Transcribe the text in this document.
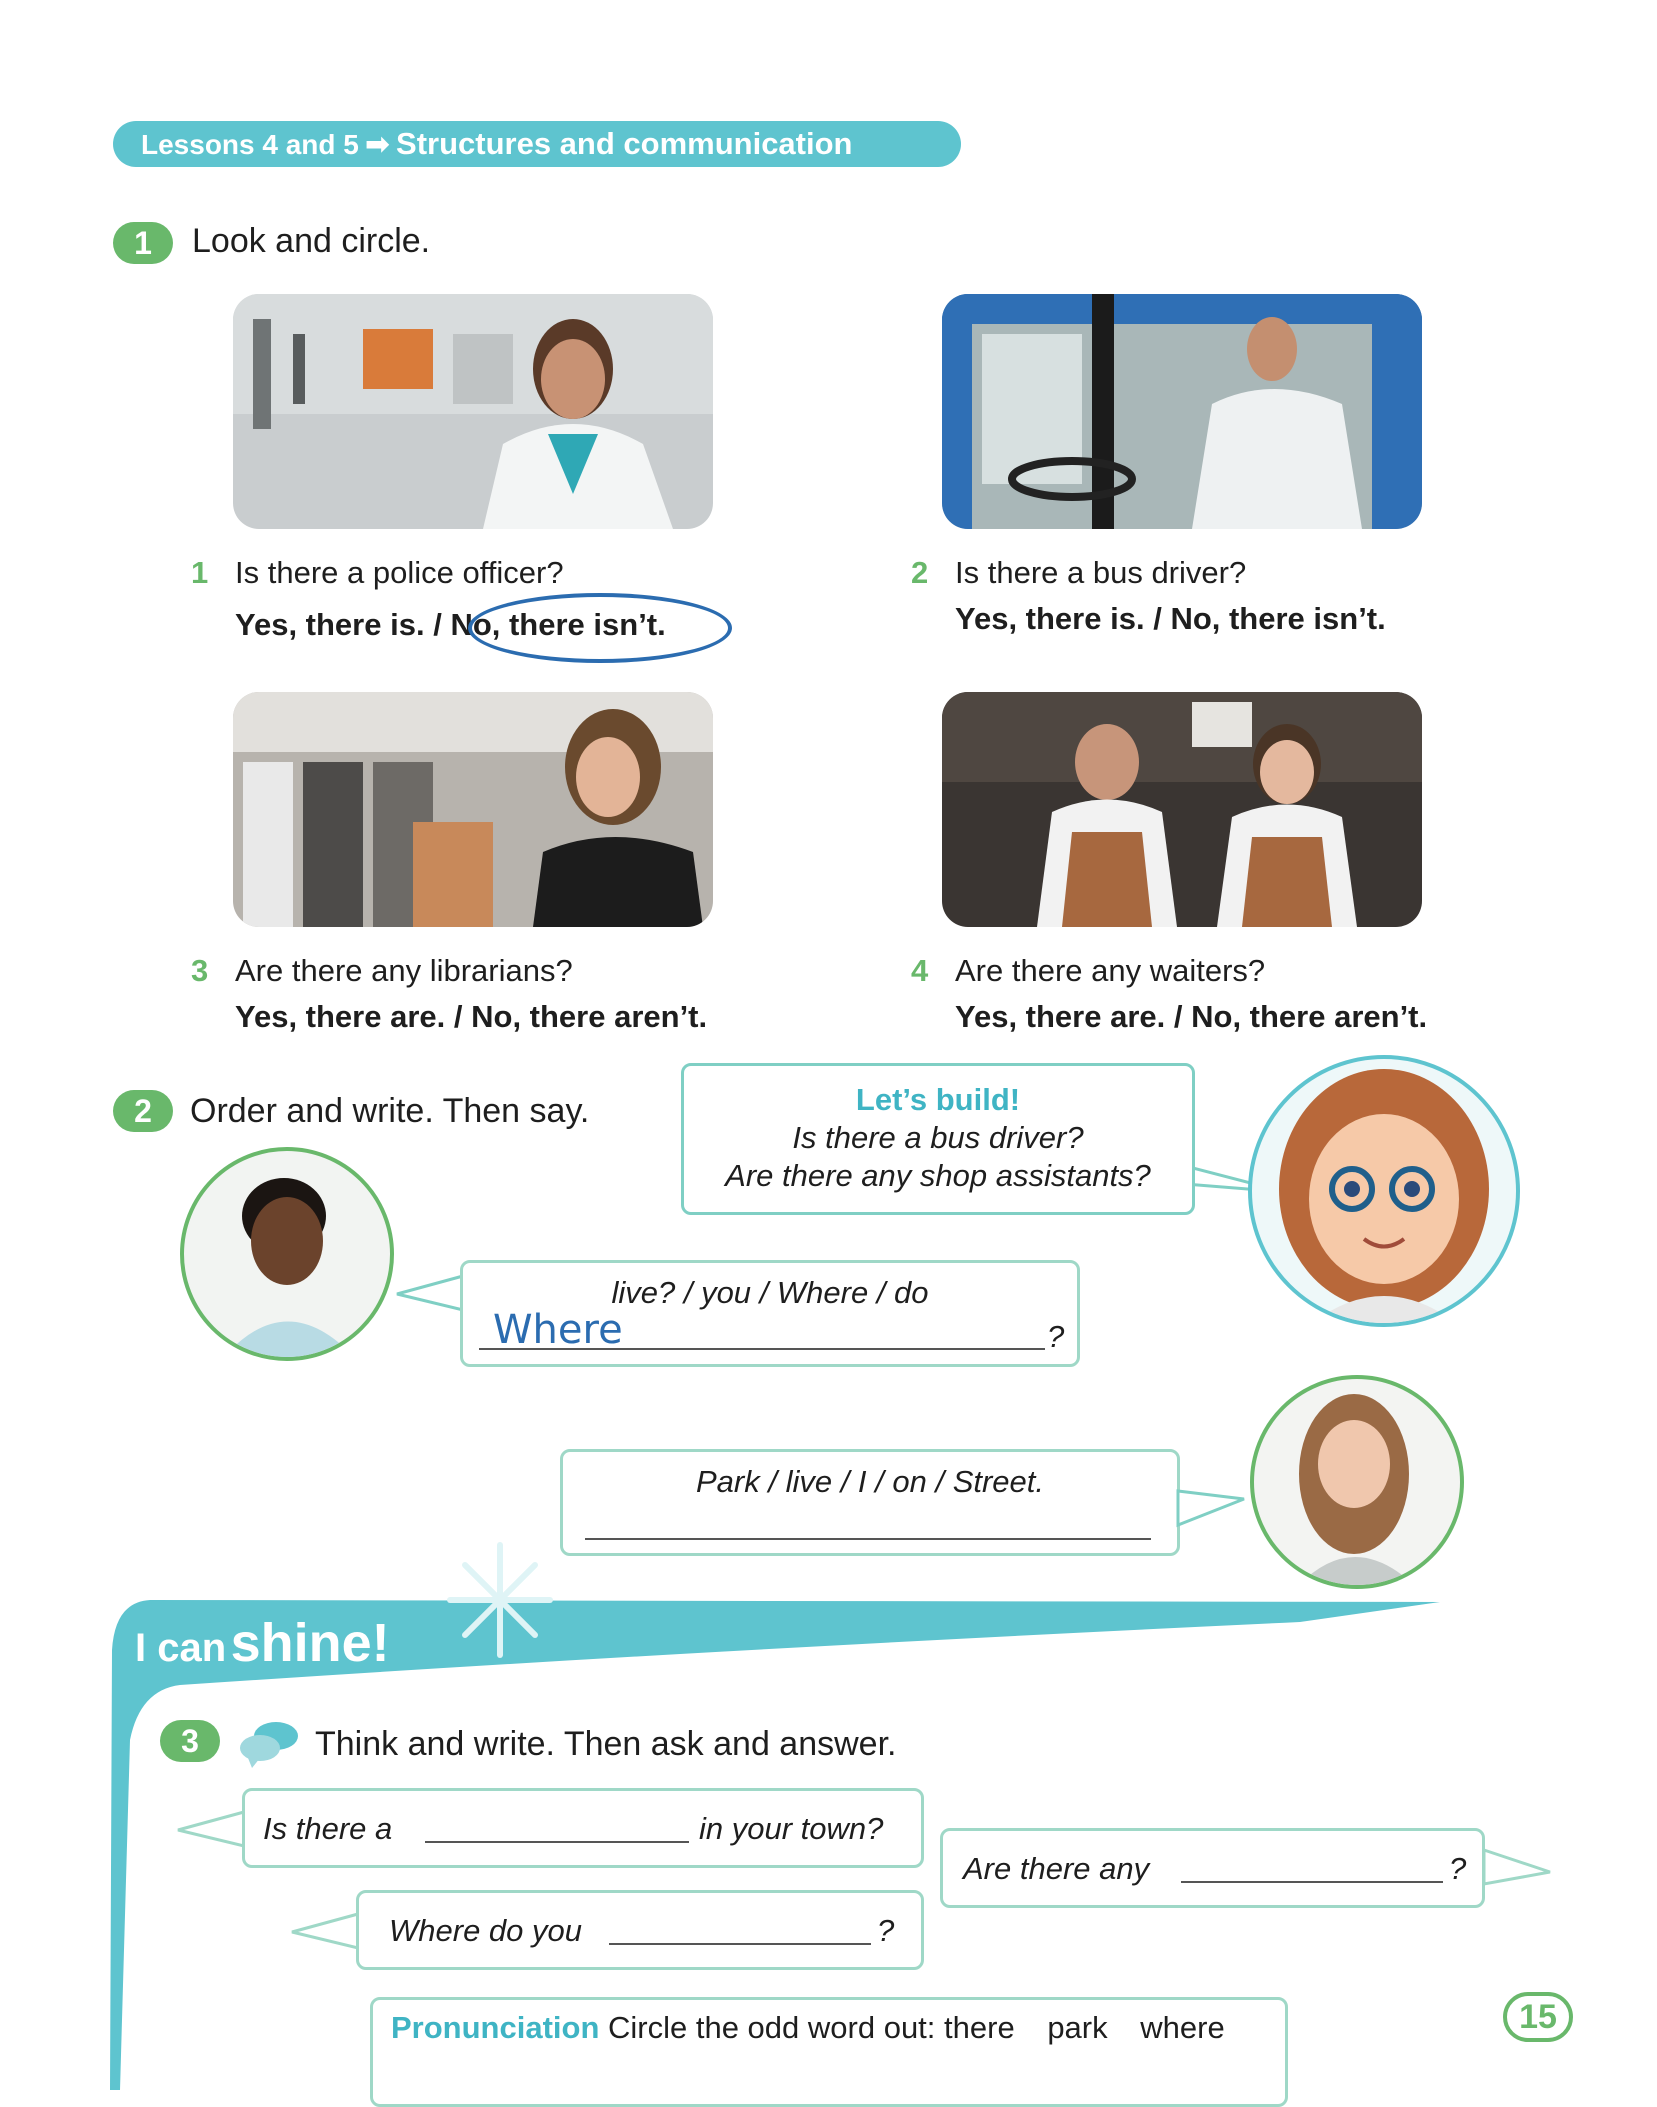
Lessons 4 and 5 ➡ Structures and communication
1	Look and circle.
1 Is there a police officer?
Yes, there is. / No, there isn’t.
2 Is there a bus driver?
Yes, there is. / No, there isn’t.
3 Are there any librarians?
Yes, there are. / No, there aren’t.
4 Are there any waiters?
Yes, there are. / No, there aren’t.
2	Order and write. Then say.	Let’s build!
Is there a bus driver?
Are there any shop assistants?
live? / you / Where / do
Where	?
Park / live / I / on / Street.
I can shine!
3	Think and write. Then ask and answer.
Is there a	in your town?
Are there any	?
Where do you	?
Pronunciation Circle the odd word out: there park where	15
